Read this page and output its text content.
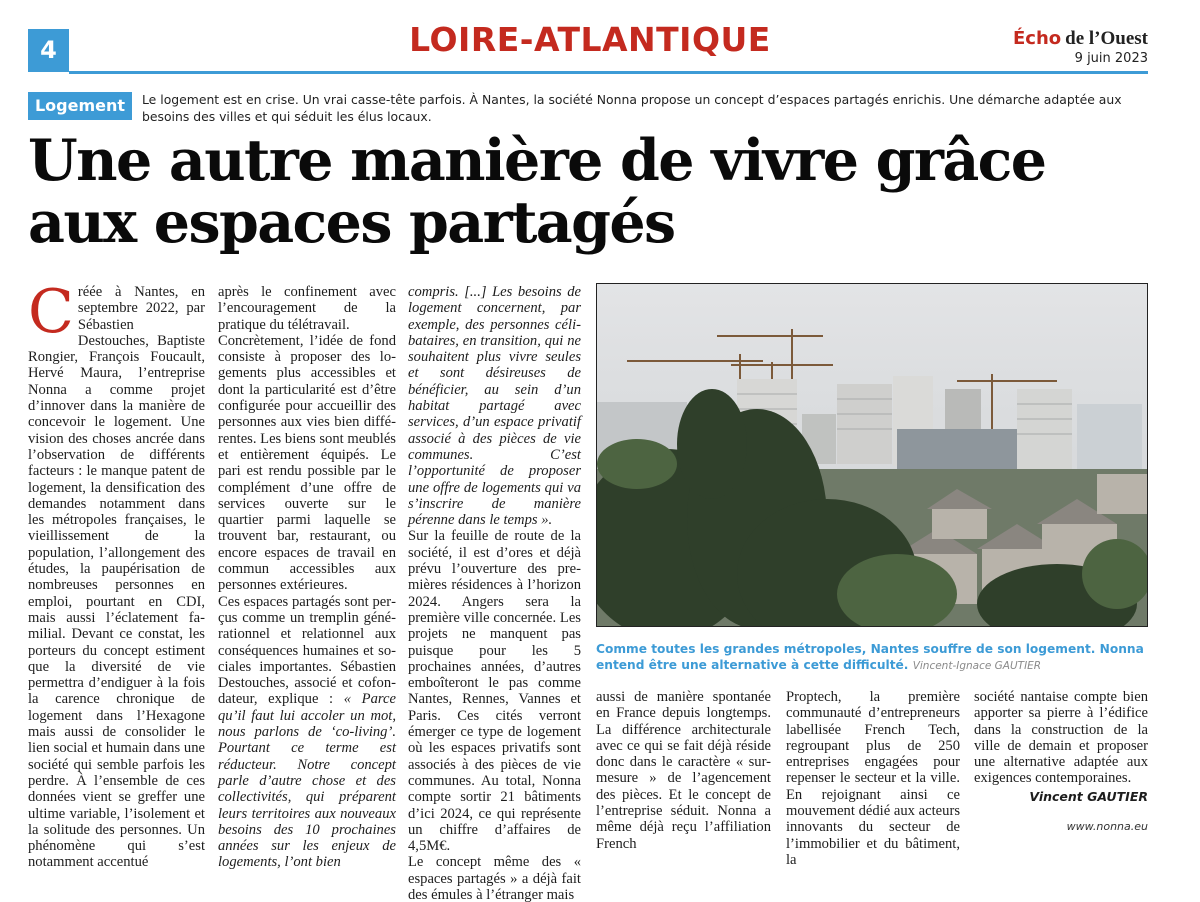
4	LOIRE-ATLANTIQUE	Écho de l’Ouest
9 juin 2023
Logement	Le logement est en crise. Un vrai casse-tête parfois. À Nantes, la société Nonna propose un concept d’espaces partagés enrichis. Une démarche adaptée aux besoins des villes et qui séduit les élus locaux.
Une autre manière de vivre grâce
aux espaces partagés
C réée à Nantes, en septembre 2022, par Sébastien Destouches, Baptiste Rongier, François Foucault, Hervé Maura, l’entreprise Nonna a comme projet d’innover dans la manière de concevoir le logement. Une vision des choses ancrée dans l’observation de différents facteurs : le manque patent de logement, la densification des demandes notamment dans les métropoles françaises, le vieillissement de la population, l’allongement des études, la paupérisation de nombreuses personnes en emploi, pourtant en CDI, mais aussi l’éclatement familial. Devant ce constat, les porteurs du concept estiment que la diversité de vie permettra d’endiguer à la fois la carence chronique de logement dans l’Hexagone mais aussi de consolider le lien social et humain dans une société qui semble parfois les perdre. À l’ensemble de ces données vient se greffer une ultime variable, l’isolement et la solitude des personnes. Un phénomène qui s’est notamment accentué

après le confinement avec l’encouragement de la pratique du télétravail.

Concrètement, l’idée de fond consiste à proposer des logements plus accessibles et dont la particularité est d’être configurée pour accueillir des personnes aux vies bien différentes. Les biens sont meublés et entièrement équipés. Le pari est rendu possible par le complément d’une offre de services ouverte sur le quartier parmi laquelle se trouvent bar, restaurant, ou encore espaces de travail en commun accessibles aux personnes extérieures.

Ces espaces partagés sont perçus comme un tremplin générationnel et relationnel aux conséquences humaines et sociales importantes. Sébastien Destouches, associé et cofondateur, explique : « Parce qu’il faut lui accoler un mot, nous parlons de ‘co-living’. Pourtant ce terme est réducteur. Notre concept parle d’autre chose et des collectivités, qui préparent leurs territoires aux nouveaux besoins des 10 prochaines années sur les enjeux de logements, l’ont bien

compris. [...] Les besoins de logement concernent, par exemple, des personnes célibataires, en transition, qui ne souhaitent plus vivre seules et sont désireuses de bénéficier, au sein d’un habitat partagé avec services, d’un espace privatif associé à des pièces de vie communes. C’est l’opportunité de proposer une offre de logements qui va s’inscrire de manière pérenne dans le temps ».

Sur la feuille de route de la société, il est d’ores et déjà prévu l’ouverture des premières résidences à l’horizon 2024. Angers sera la première ville concernée. Les projets ne manquent pas puisque pour les 5 prochaines années, d’autres emboîteront le pas comme Nantes, Rennes, Vannes et Paris. Ces cités verront émerger ce type de logement où les espaces privatifs sont associés à des pièces de vie communes. Au total, Nonna compte sortir 21 bâtiments d’ici 2024, ce qui représente un chiffre d’affaires de 4,5M€.

Le concept même des « espaces partagés » a déjà fait des émules à l’étranger mais

Comme toutes les grandes métropoles, Nantes souffre de son logement. Nonna entend être une alternative à cette difficulté. Vincent-Ignace GAUTIER

aussi de manière spontanée en France depuis longtemps. La différence architecturale avec ce qui se fait déjà réside donc dans le caractère « sur-mesure » de l’agencement des pièces. Et le concept de l’entreprise séduit. Nonna a même déjà reçu l’affiliation French

Proptech, la première communauté d’entrepreneurs labellisée French Tech, regroupant plus de 250 entreprises engagées pour repenser le secteur et la ville. En rejoignant ainsi ce mouvement dédié aux acteurs innovants du secteur de l’immobilier et du bâtiment, la

société nantaise compte bien apporter sa pierre à l’édifice dans la construction de la ville de demain et proposer une alternative adaptée aux exigences contemporaines.

Vincent GAUTIER
www.nonna.eu
